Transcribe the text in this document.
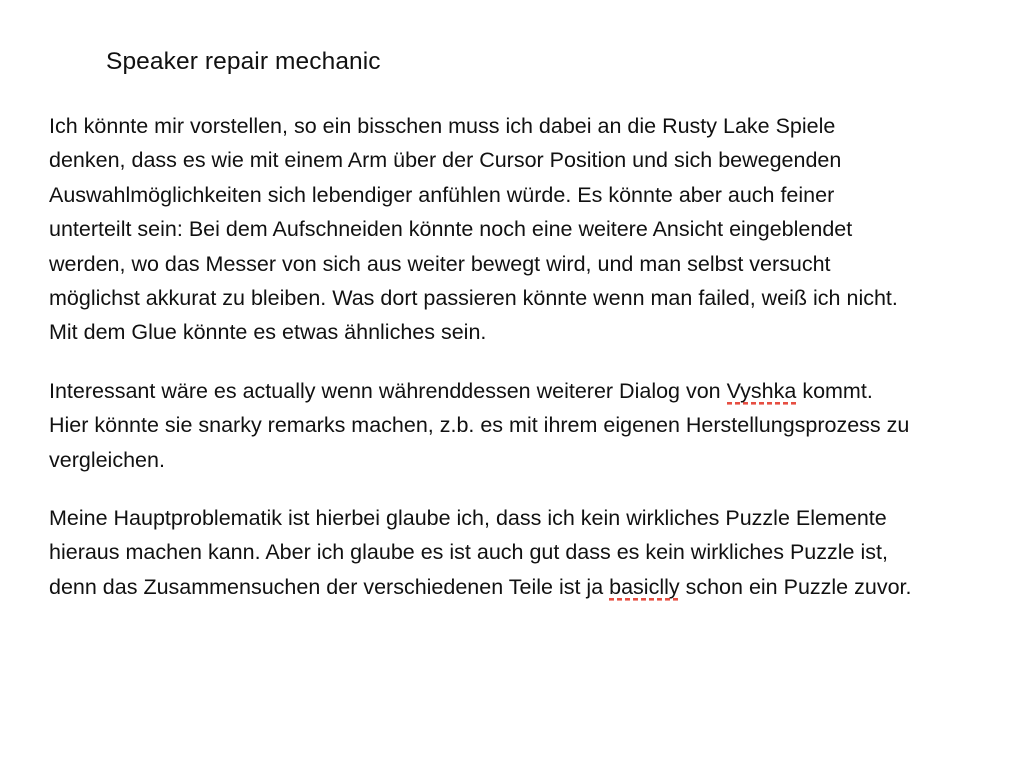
Speaker repair mechanic

Ich könnte mir vorstellen, so ein bisschen muss ich dabei an die Rusty Lake Spiele denken, dass es wie mit einem Arm über der Cursor Position und sich bewegenden Auswahlmöglichkeiten sich lebendiger anfühlen würde. Es könnte aber auch feiner unterteilt sein: Bei dem Aufschneiden könnte noch eine weitere Ansicht eingeblendet werden, wo das Messer von sich aus weiter bewegt wird, und man selbst versucht möglichst akkurat zu bleiben. Was dort passieren könnte wenn man failed, weiß ich nicht. Mit dem Glue könnte es etwas ähnliches sein.

Interessant wäre es actually wenn währenddessen weiterer Dialog von Vyshka kommt. Hier könnte sie snarky remarks machen, z.b. es mit ihrem eigenen Herstellungsprozess zu vergleichen.

Meine Hauptproblematik ist hierbei glaube ich, dass ich kein wirkliches Puzzle Elemente hieraus machen kann. Aber ich glaube es ist auch gut dass es kein wirkliches Puzzle ist, denn das Zusammensuchen der verschiedenen Teile ist ja basiclly schon ein Puzzle zuvor.
